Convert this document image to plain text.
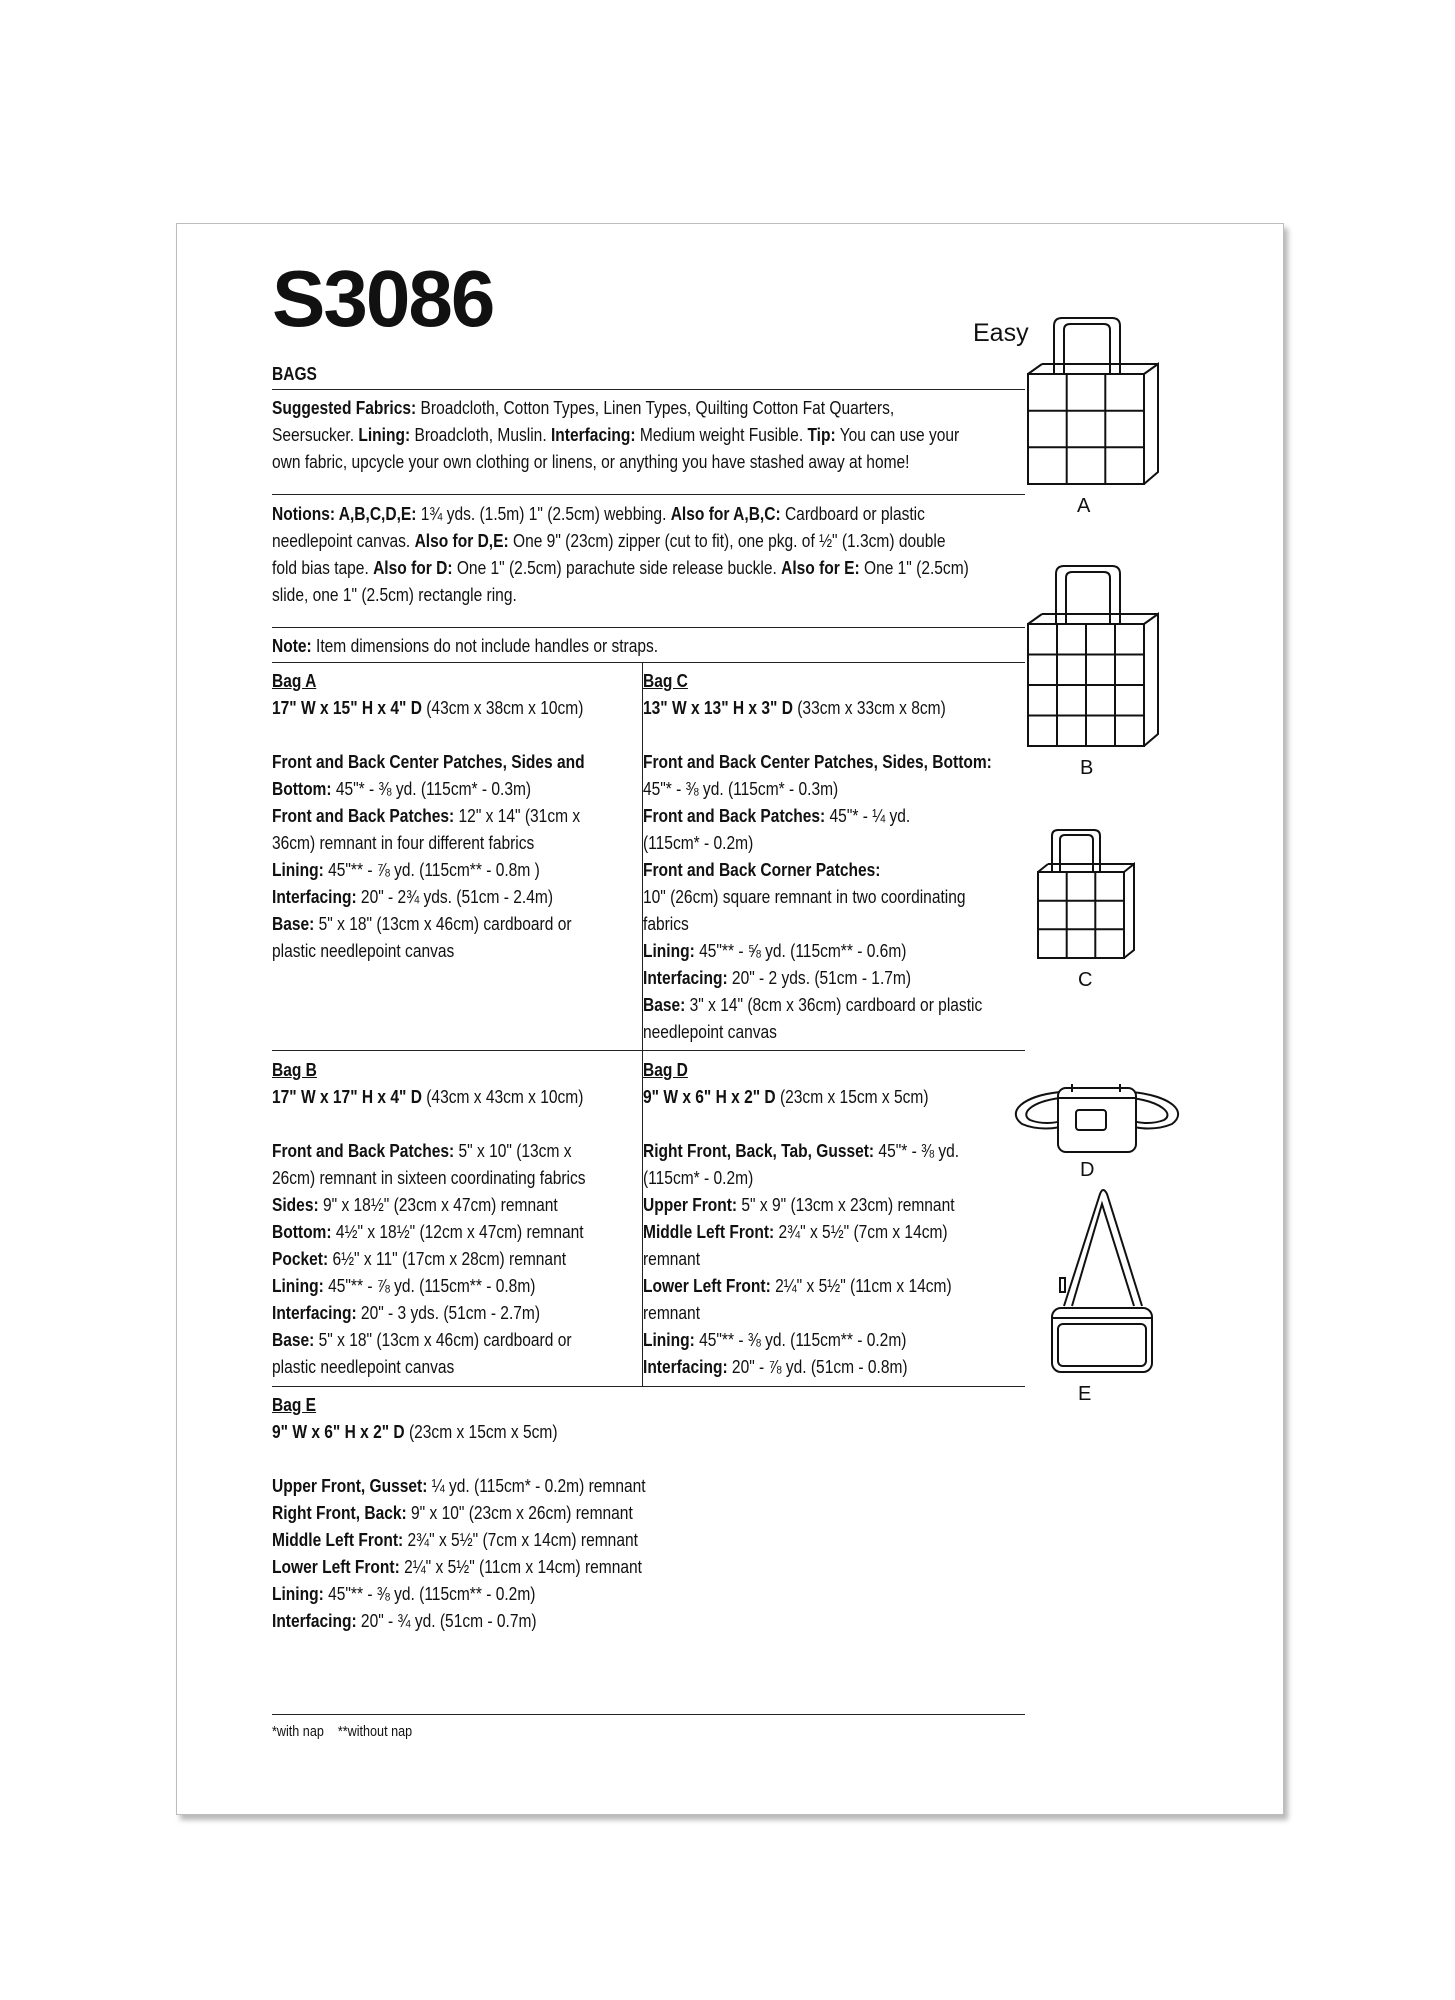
S3086	Easy
BAGS
Suggested Fabrics: Broadcloth, Cotton Types, Linen Types, Quilting Cotton Fat Quarters,
Seersucker. Lining: Broadcloth, Muslin. Interfacing: Medium weight Fusible. Tip: You can use your
own fabric, upcycle your own clothing or linens, or anything you have stashed away at home!
Notions: A,B,C,D,E: 1¾ yds. (1.5m) 1" (2.5cm) webbing. Also for A,B,C: Cardboard or plastic
needlepoint canvas. Also for D,E: One 9" (23cm) zipper (cut to fit), one pkg. of ½" (1.3cm) double
fold bias tape. Also for D: One 1" (2.5cm) parachute side release buckle. Also for E: One 1" (2.5cm)
slide, one 1" (2.5cm) rectangle ring.
Note: Item dimensions do not include handles or straps.
Bag A
17" W x 15" H x 4" D (43cm x 38cm x 10cm)

Front and Back Center Patches, Sides and
Bottom: 45"* - ⅜ yd. (115cm* - 0.3m)
Front and Back Patches: 12" x 14" (31cm x
36cm) remnant in four different fabrics
Lining: 45"** - ⅞ yd. (115cm** - 0.8m )
Interfacing: 20" - 2¾ yds. (51cm - 2.4m)
Base: 5" x 18" (13cm x 46cm) cardboard or
plastic needlepoint canvas
Bag C
13" W x 13" H x 3" D (33cm x 33cm x 8cm)

Front and Back Center Patches, Sides, Bottom:
45"* - ⅜ yd. (115cm* - 0.3m)
Front and Back Patches: 45"* - ¼ yd.
(115cm* - 0.2m)
Front and Back Corner Patches:
10" (26cm) square remnant in two coordinating
fabrics
Lining: 45"** - ⅝ yd. (115cm** - 0.6m)
Interfacing: 20" - 2 yds. (51cm - 1.7m)
Base: 3" x 14" (8cm x 36cm) cardboard or plastic
needlepoint canvas
Bag B
17" W x 17" H x 4" D (43cm x 43cm x 10cm)

Front and Back Patches: 5" x 10" (13cm x
26cm) remnant in sixteen coordinating fabrics
Sides: 9" x 18½" (23cm x 47cm) remnant
Bottom: 4½" x 18½" (12cm x 47cm) remnant
Pocket: 6½" x 11" (17cm x 28cm) remnant
Lining: 45"** - ⅞ yd. (115cm** - 0.8m)
Interfacing: 20" - 3 yds. (51cm - 2.7m)
Base: 5" x 18" (13cm x 46cm) cardboard or
plastic needlepoint canvas
Bag D
9" W x 6" H x 2" D (23cm x 15cm x 5cm)

Right Front, Back, Tab, Gusset: 45"* - ⅜ yd.
(115cm* - 0.2m)
Upper Front: 5" x 9" (13cm x 23cm) remnant
Middle Left Front: 2¾" x 5½" (7cm x 14cm)
remnant
Lower Left Front: 2¼" x 5½" (11cm x 14cm)
remnant
Lining: 45"** - ⅜ yd. (115cm** - 0.2m)
Interfacing: 20" - ⅞ yd. (51cm - 0.8m)
Bag E
9" W x 6" H x 2" D (23cm x 15cm x 5cm)

Upper Front, Gusset: ¼ yd. (115cm* - 0.2m) remnant
Right Front, Back: 9" x 10" (23cm x 26cm) remnant
Middle Left Front: 2¾" x 5½" (7cm x 14cm) remnant
Lower Left Front: 2¼" x 5½" (11cm x 14cm) remnant
Lining: 45"** - ⅜ yd. (115cm** - 0.2m)
Interfacing: 20" - ¾ yd. (51cm - 0.7m)
*with nap    **without nap
A
B
C
D
E
